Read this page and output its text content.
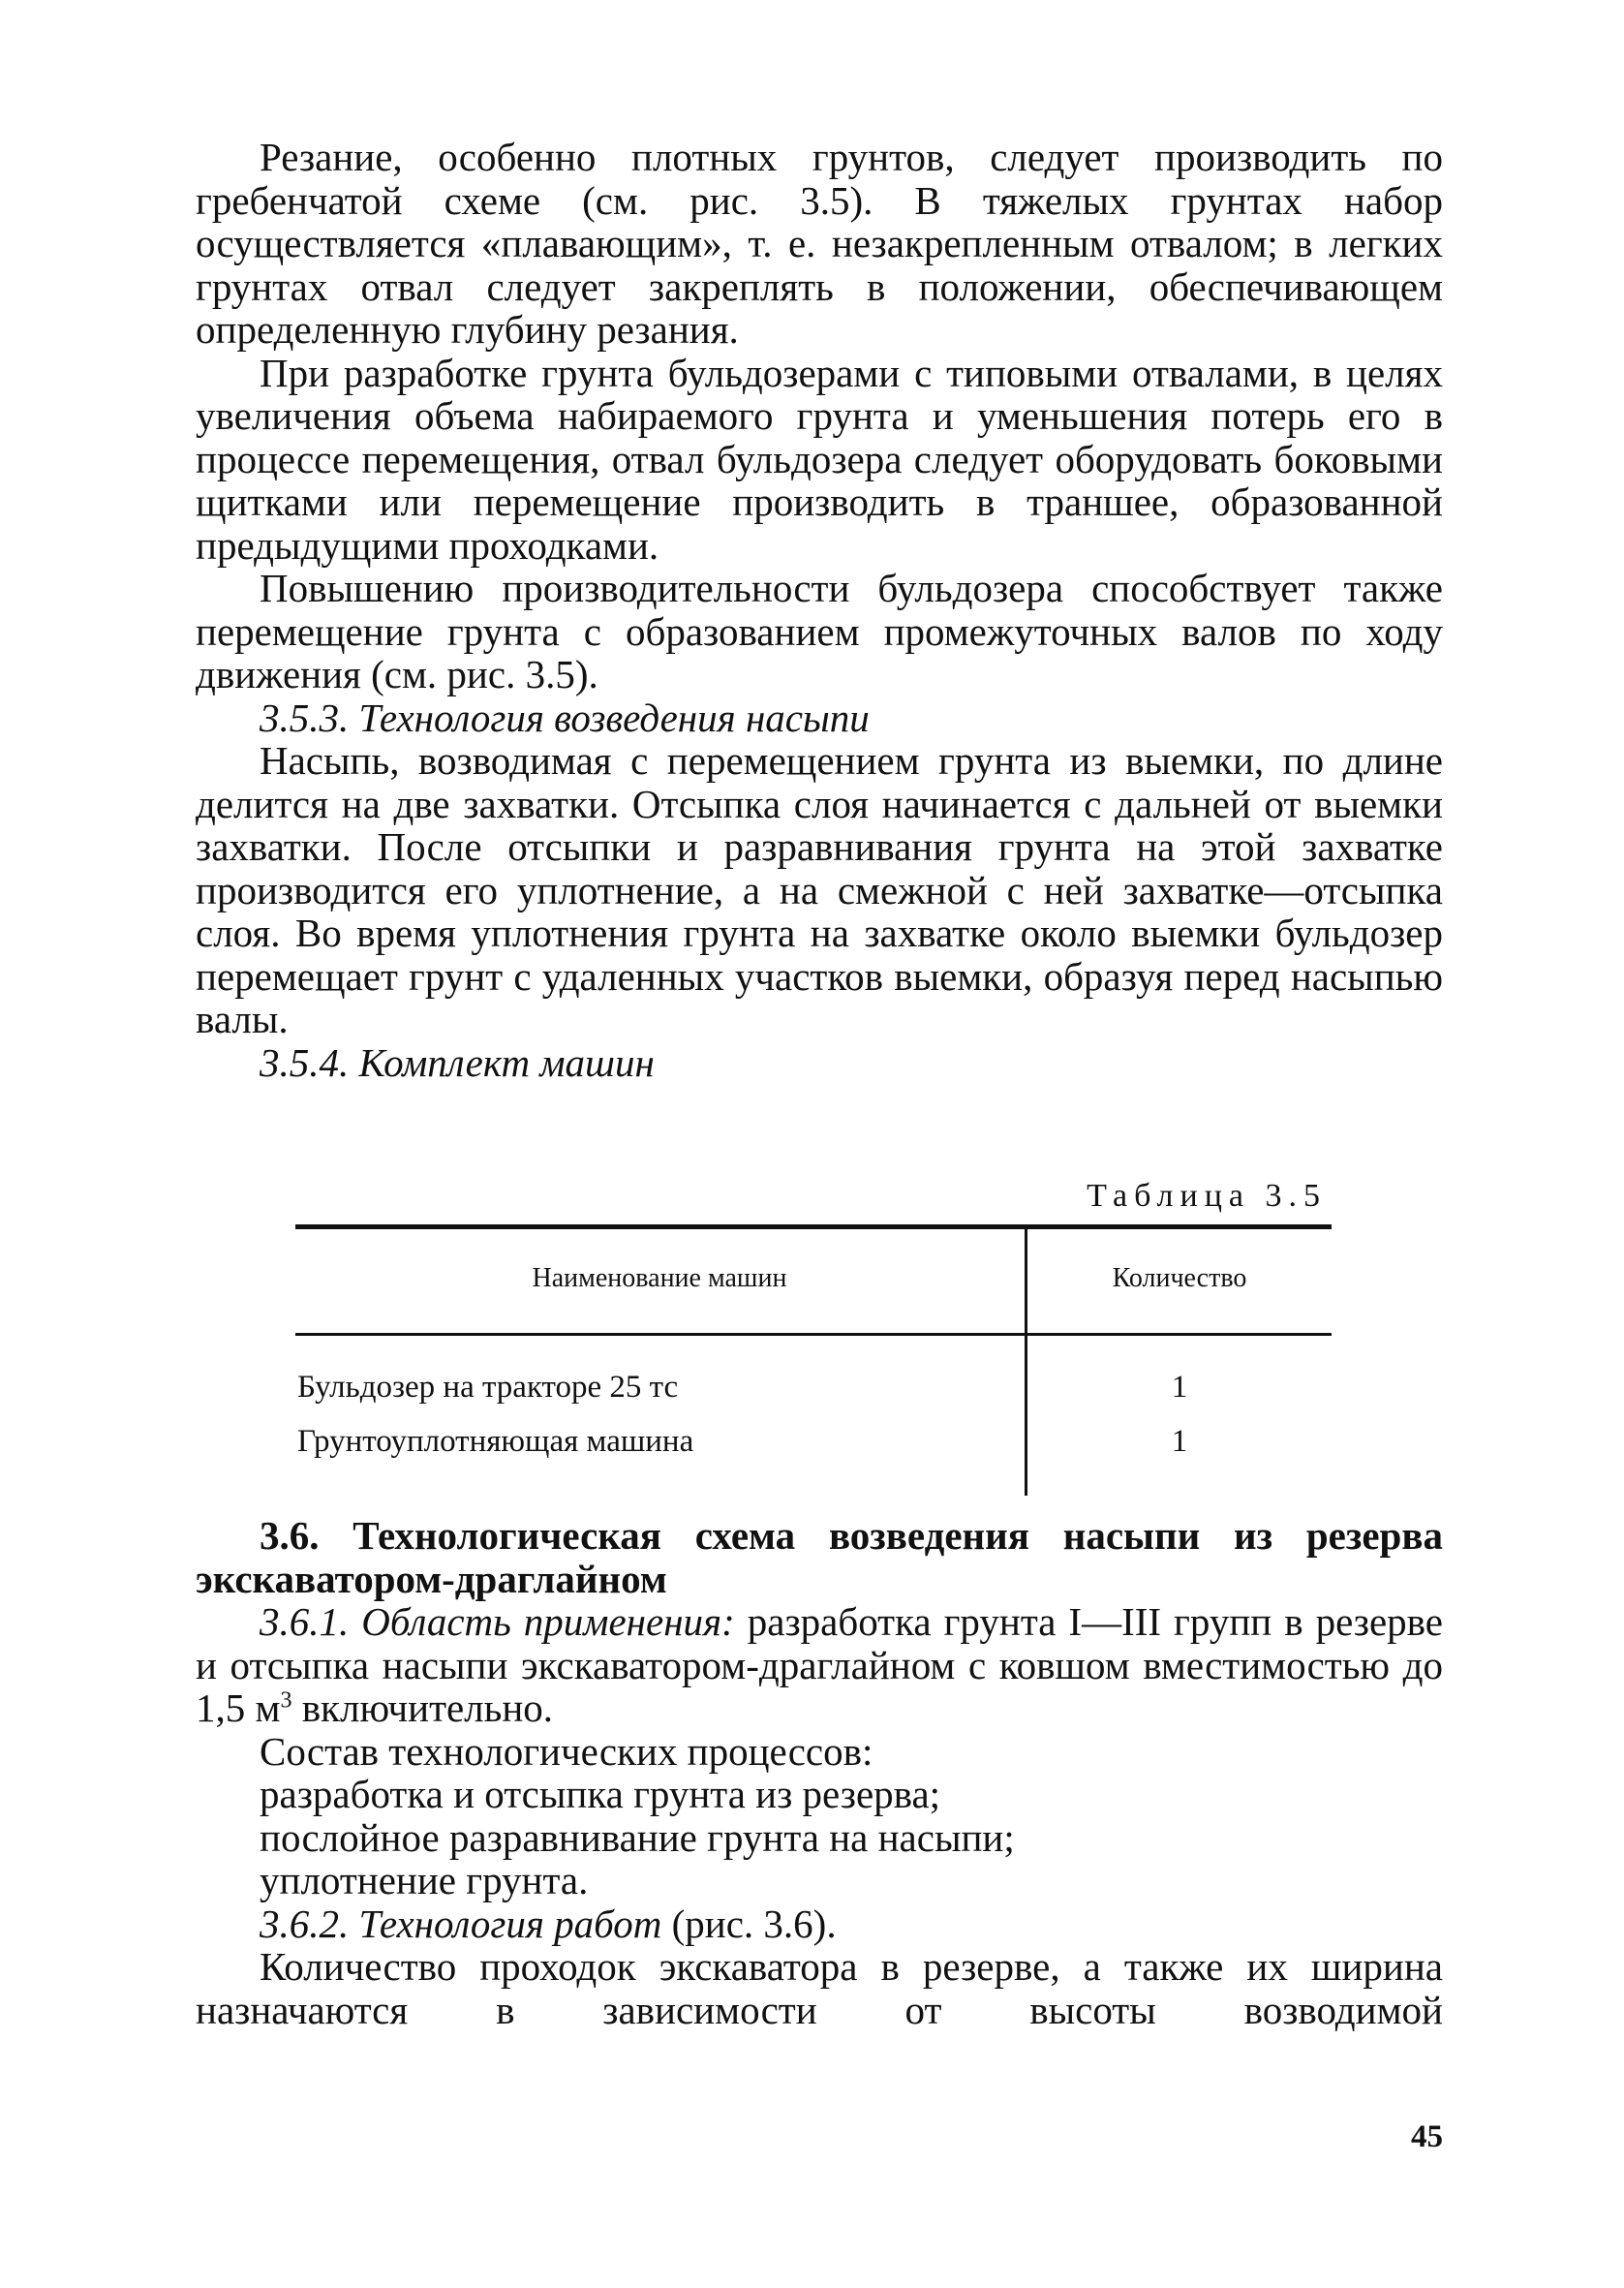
Резание, особенно плотных грунтов, следует производить по гребенчатой схеме (см. рис. 3.5). В тяжелых грунтах набор осуществляется «плавающим», т. е. незакрепленным отвалом; в легких грунтах отвал следует закреплять в положении, обеспечивающем определенную глубину резания.

При разработке грунта бульдозерами с типовыми отвалами, в целях увеличения объема набираемого грунта и уменьшения потерь его в процессе перемещения, отвал бульдозера следует оборудовать боковыми щитками или перемещение производить в траншее, образованной предыдущими проходками.

Повышению производительности бульдозера способствует также перемещение грунта с образованием промежуточных валов по ходу движения (см. рис. 3.5).

3.5.3. Технология возведения насыпи

Насыпь, возводимая с перемещением грунта из выемки, по длине делится на две захватки. Отсыпка слоя начинается с дальней от выемки захватки. После отсыпки и разравнивания грунта на этой захватке производится его уплотнение, а на смежной с ней захватке—отсыпка слоя. Во время уплотнения грунта на захватке около выемки бульдозер перемещает грунт с удаленных участков выемки, образуя перед насыпью валы.

3.5.4. Комплект машин

Таблица 3.5
Наименование машин	Количество
Бульдозер на тракторе 25 тс	1
Грунтоуплотняющая машина	1

3.6. Технологическая схема возведения насыпи из резерва экскаватором-драглайном

3.6.1. Область применения: разработка грунта I—III групп в резерве и отсыпка насыпи экскаватором-драглайном с ковшом вместимостью до 1,5 $м^3$ включительно.

Состав технологических процессов:

разработка и отсыпка грунта из резерва;

послойное разравнивание грунта на насыпи;

уплотнение грунта.

3.6.2. Технология работ (рис. 3.6).

Количество проходок экскаватора в резерве, а также их ширина назначаются в зависимости от высоты возводимой

45
